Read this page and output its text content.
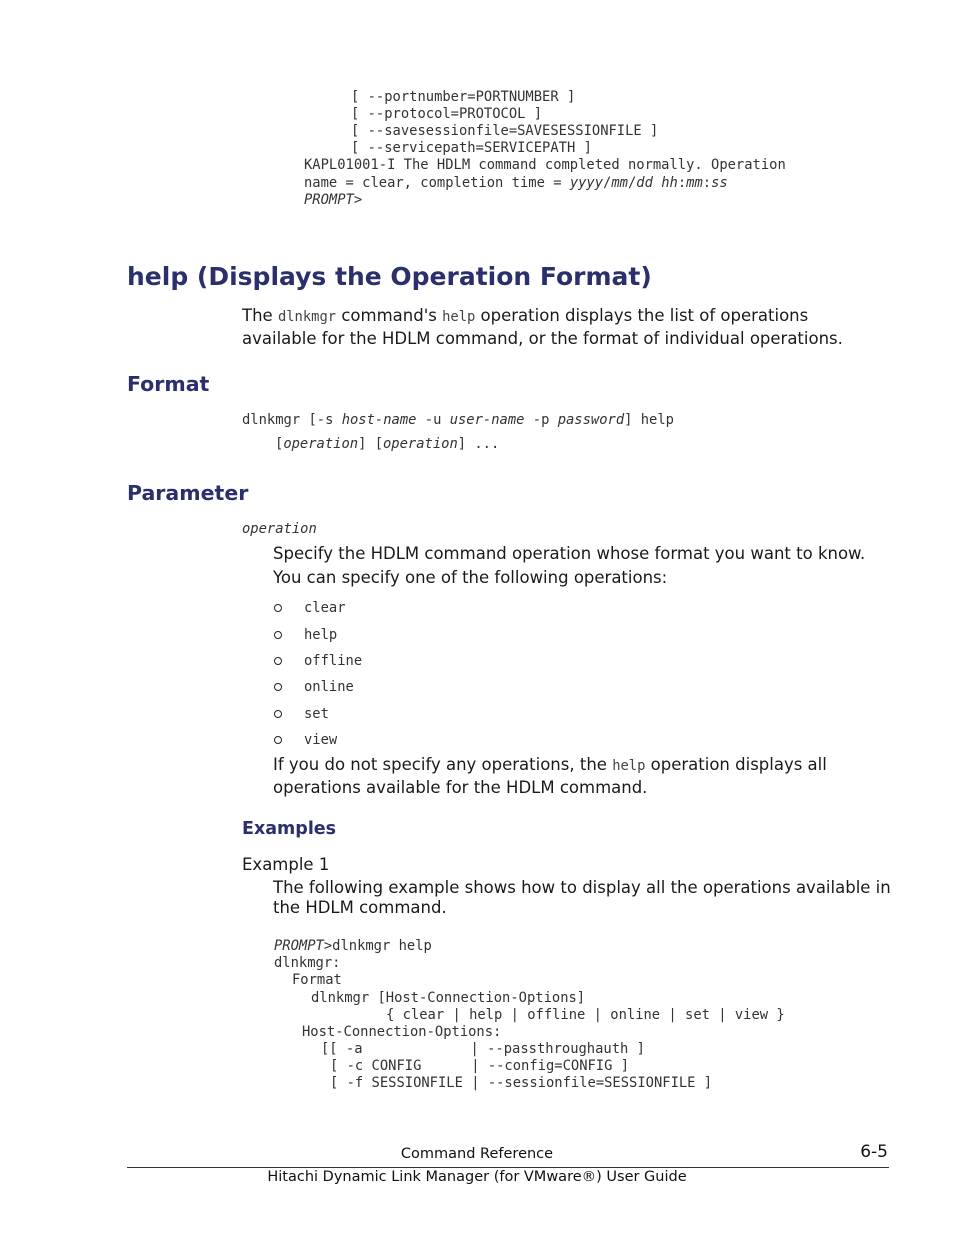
[ --portnumber=PORTNUMBER ]
[ --protocol=PROTOCOL ]
[ --savesessionfile=SAVESESSIONFILE ]
[ --servicepath=SERVICEPATH ]
KAPL01001-I The HDLM command completed normally. Operation
name = clear, completion time = yyyy/mm/dd hh:mm:ss
PROMPT>
help (Displays the Operation Format)
The dlnkmgr command's help operation displays the list of operations
available for the HDLM command, or the format of individual operations.
Format
dlnkmgr [-s host-name -u user-name -p password] help
[operation] [operation] ...
Parameter
operation
Specify the HDLM command operation whose format you want to know.
You can specify one of the following operations:
clear
help
offline
online
set
view
If you do not specify any operations, the help operation displays all
operations available for the HDLM command.
Examples
Example 1
The following example shows how to display all the operations available in
the HDLM command.
PROMPT>dlnkmgr help
dlnkmgr:
Format
dlnkmgr [Host-Connection-Options]
{ clear | help | offline | online | set | view }
Host-Connection-Options:
[[ -a             | --passthroughauth ]
[ -c CONFIG      | --config=CONFIG ]
[ -f SESSIONFILE | --sessionfile=SESSIONFILE ]
Command Reference	6-5
Hitachi Dynamic Link Manager (for VMware®) User Guide
